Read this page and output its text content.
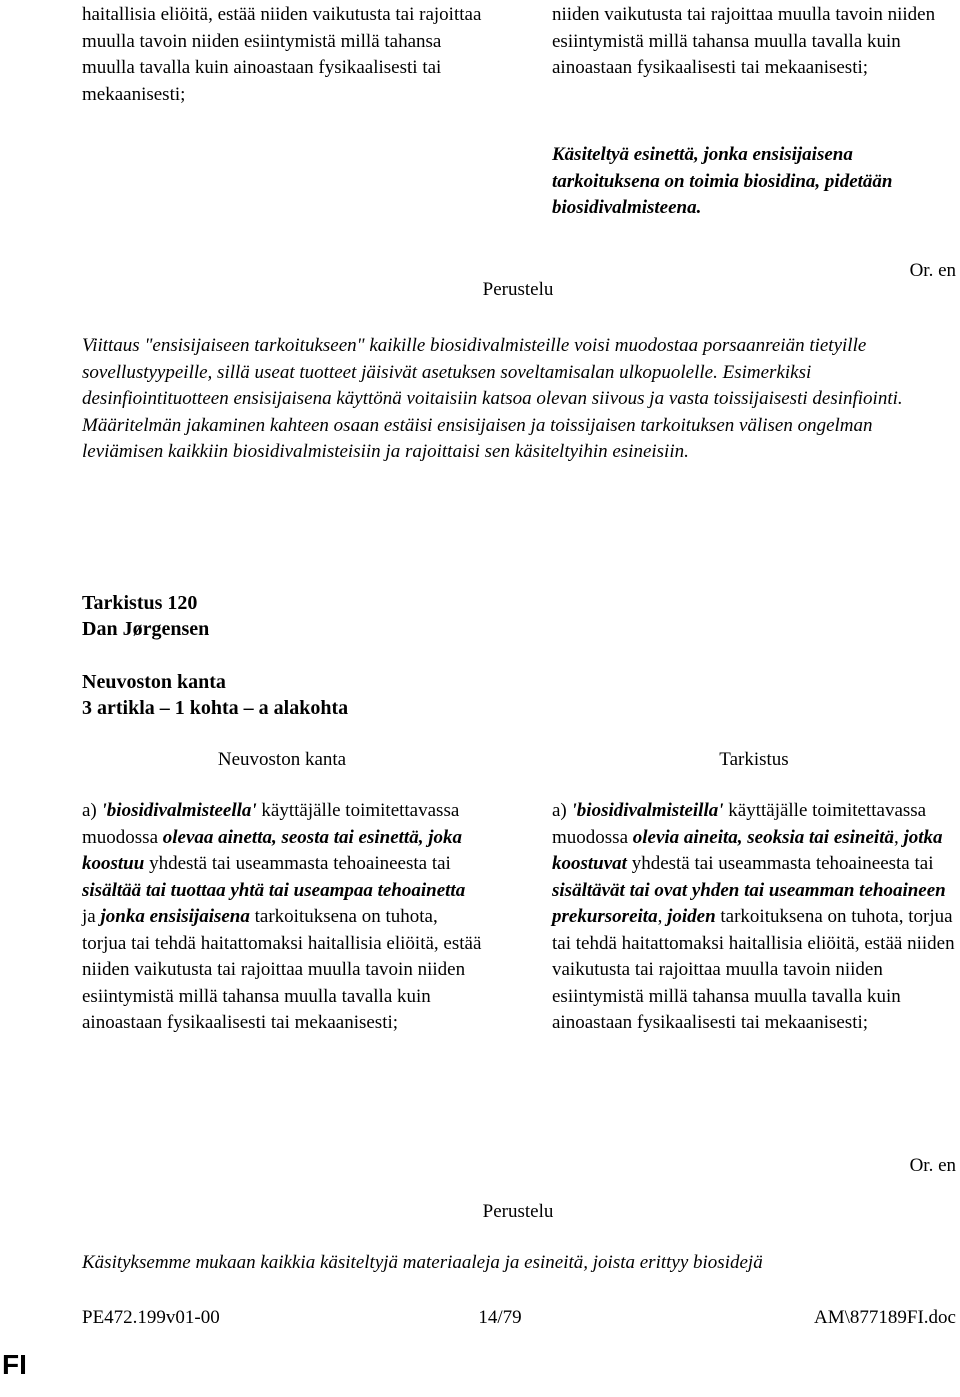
haitallisia eliöitä, estää niiden vaikutusta tai rajoittaa muulla tavoin niiden esiintymistä millä tahansa muulla tavalla kuin ainoastaan fysikaalisesti tai mekaanisesti;

niiden vaikutusta tai rajoittaa muulla tavoin niiden esiintymistä millä tahansa muulla tavalla kuin ainoastaan fysikaalisesti tai mekaanisesti;

Käsiteltyä esinettä, jonka ensisijaisena tarkoituksena on toimia biosidina, pidetään biosidivalmisteena.

Or. en
Perustelu

Viittaus "ensisijaiseen tarkoitukseen" kaikille biosidivalmisteille voisi muodostaa porsaanreiän tietyille sovellustyypeille, sillä useat tuotteet jäisivät asetuksen soveltamisalan ulkopuolelle. Esimerkiksi desinfiointituotteen ensisijaisena käyttönä voitaisiin katsoa olevan siivous ja vasta toissijaisesti desinfiointi. Määritelmän jakaminen kahteen osaan estäisi ensisijaisen ja toissijaisen tarkoituksen välisen ongelman leviämisen kaikkiin biosidivalmisteisiin ja rajoittaisi sen käsiteltyihin esineisiin.

Tarkistus 120
Dan Jørgensen
Neuvoston kanta
3 artikla – 1 kohta – a alakohta
Neuvoston kanta	Tarkistus

a) 'biosidivalmisteella' käyttäjälle toimitettavassa muodossa olevaa ainetta, seosta tai esinettä, joka koostuu yhdestä tai useammasta tehoaineesta tai sisältää tai tuottaa yhtä tai useampaa tehoainetta ja jonka ensisijaisena tarkoituksena on tuhota, torjua tai tehdä haitattomaksi haitallisia eliöitä, estää niiden vaikutusta tai rajoittaa muulla tavoin niiden esiintymistä millä tahansa muulla tavalla kuin ainoastaan fysikaalisesti tai mekaanisesti;

a) 'biosidivalmisteilla' käyttäjälle toimitettavassa muodossa olevia aineita, seoksia tai esineitä, jotka koostuvat yhdestä tai useammasta tehoaineesta tai sisältävät tai ovat yhden tai useamman tehoaineen prekursoreita, joiden tarkoituksena on tuhota, torjua tai tehdä haitattomaksi haitallisia eliöitä, estää niiden vaikutusta tai rajoittaa muulla tavoin niiden esiintymistä millä tahansa muulla tavalla kuin ainoastaan fysikaalisesti tai mekaanisesti;

Or. en
Perustelu

Käsityksemme mukaan kaikkia käsiteltyjä materiaaleja ja esineitä, joista erittyy biosidejä

PE472.199v01-00	14/79	AM\877189FI.doc
FI
